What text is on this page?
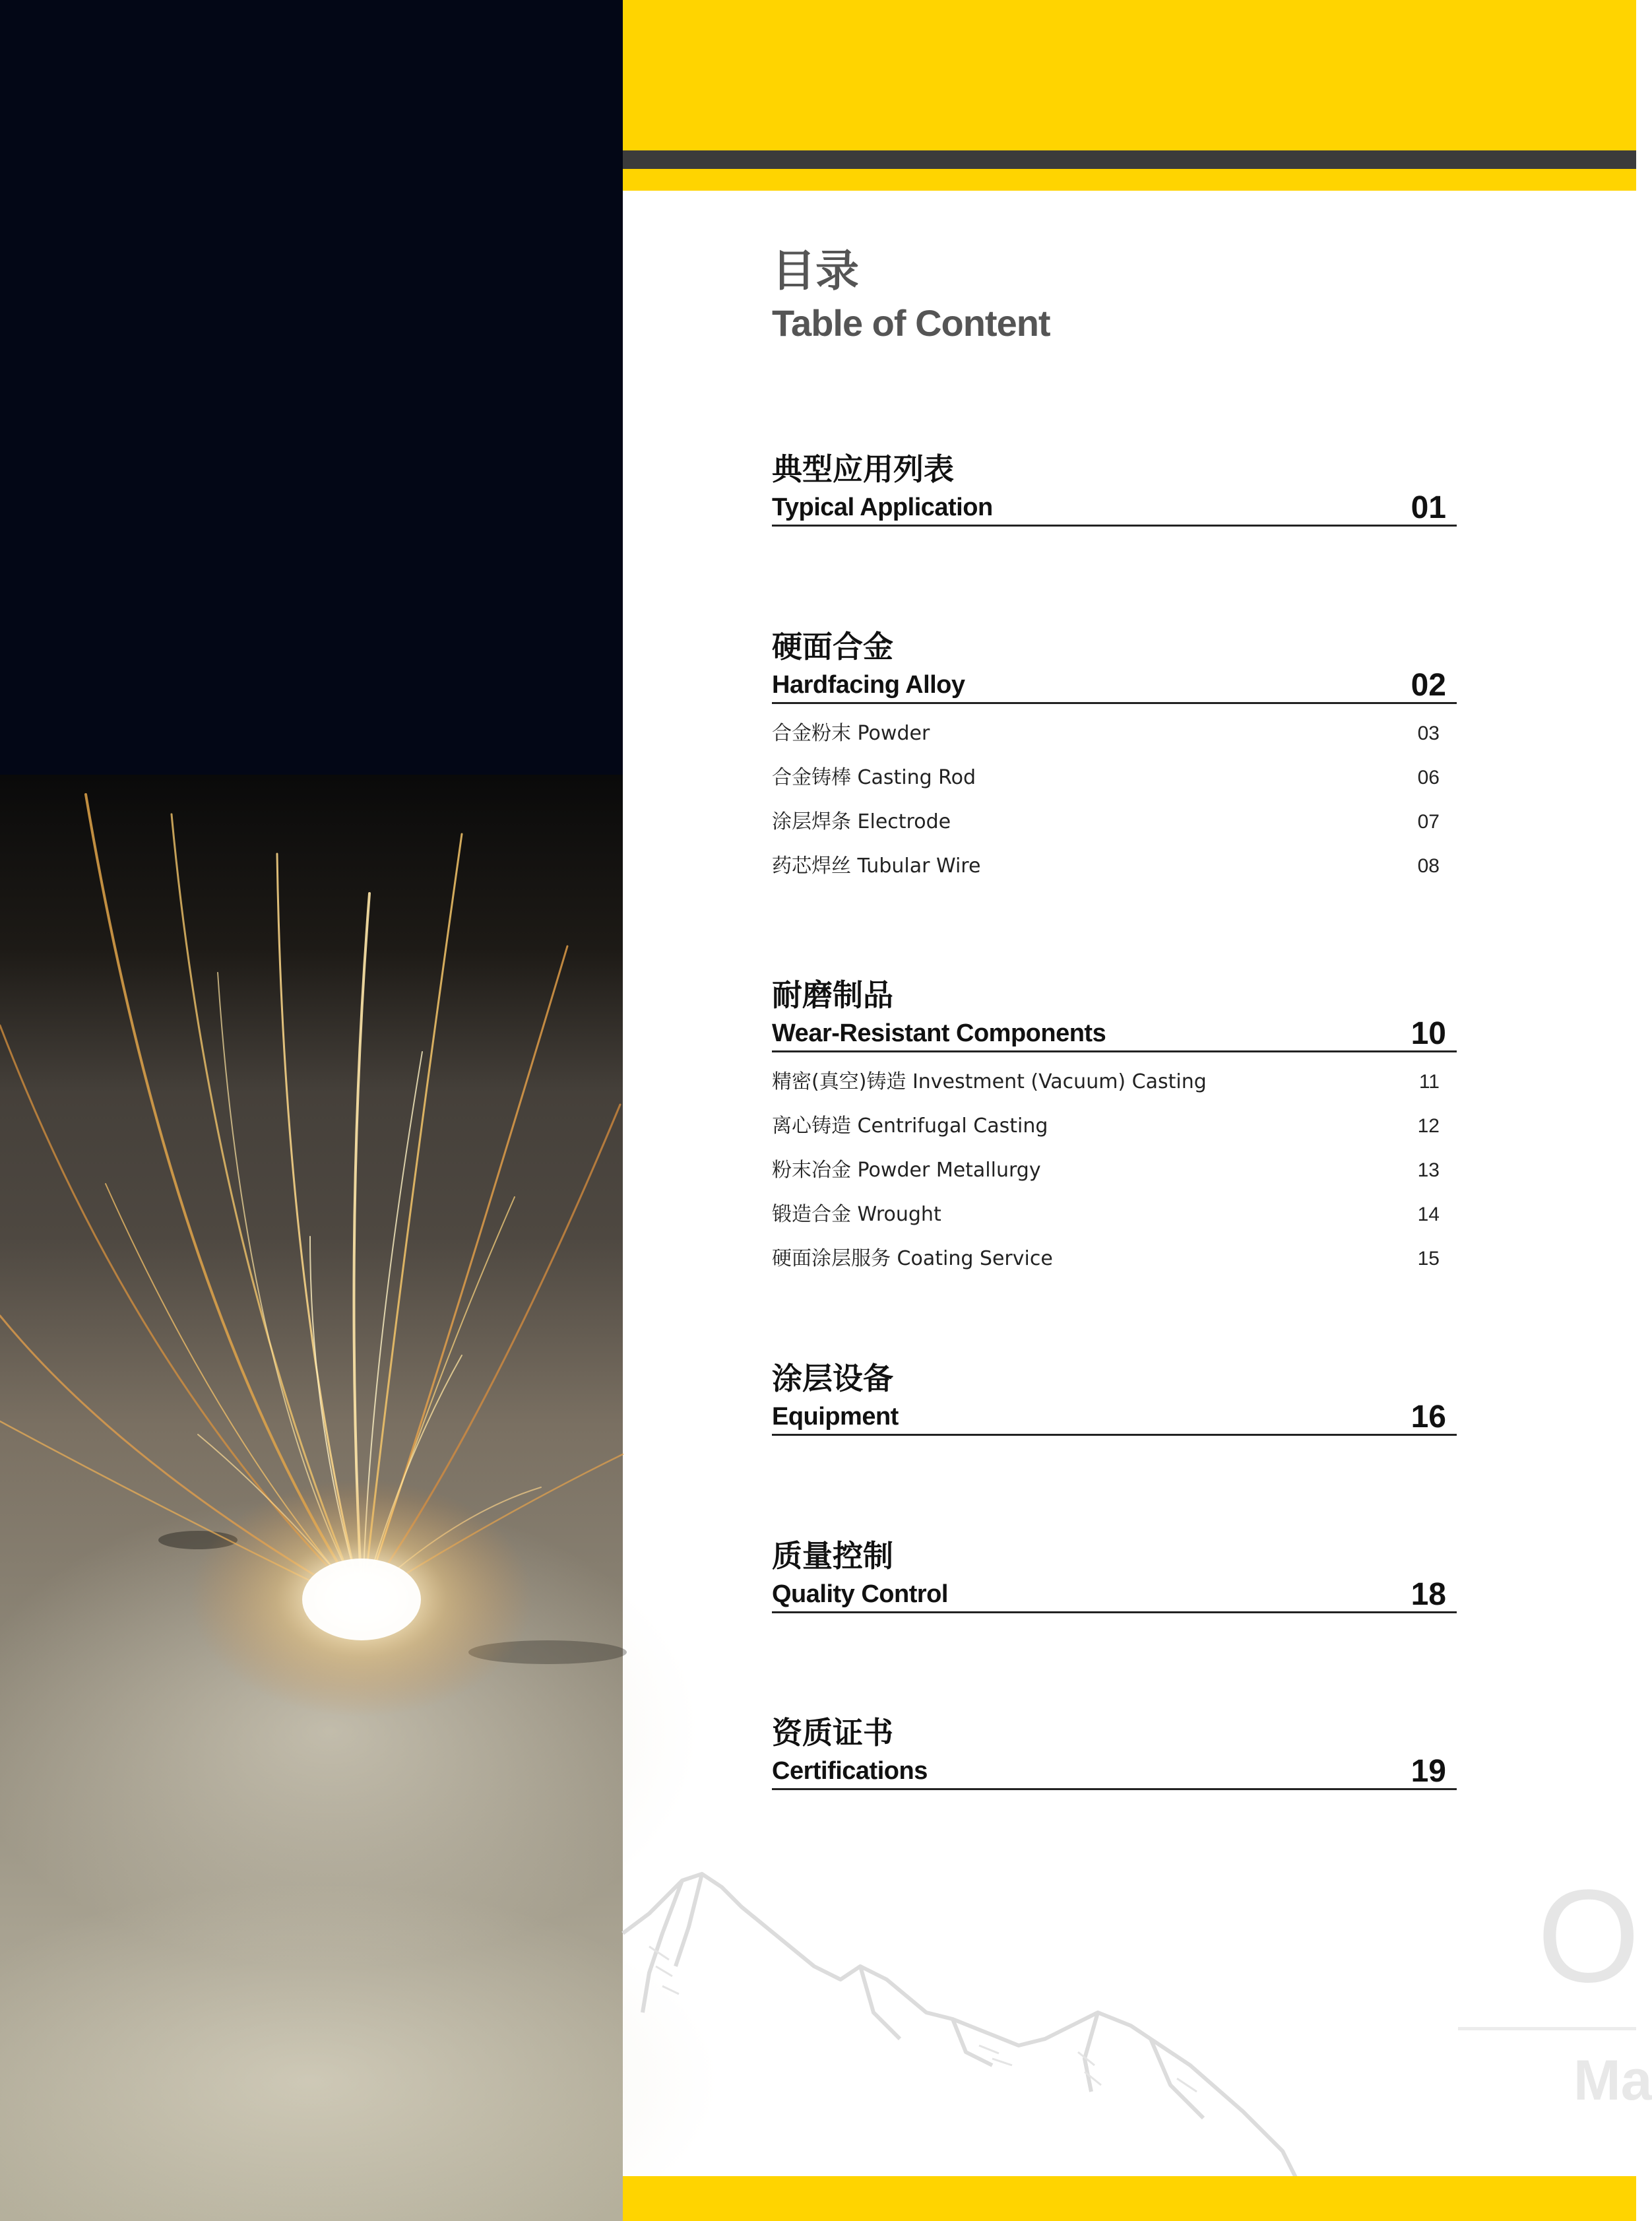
O
Ma
目录
Table of Content
典型应用列表
Typical Application	01
硬面合金
Hardfacing Alloy	02
合金粉末 Powder	03
合金铸棒 Casting Rod	06
涂层焊条 Electrode	07
药芯焊丝 Tubular Wire	08
耐磨制品
Wear-Resistant Components	10
精密(真空)铸造 Investment (Vacuum) Casting	11
离心铸造 Centrifugal Casting	12
粉末冶金 Powder Metallurgy	13
锻造合金 Wrought	14
硬面涂层服务 Coating Service	15
涂层设备
Equipment	16
质量控制
Quality Control	18
资质证书
Certifications	19
